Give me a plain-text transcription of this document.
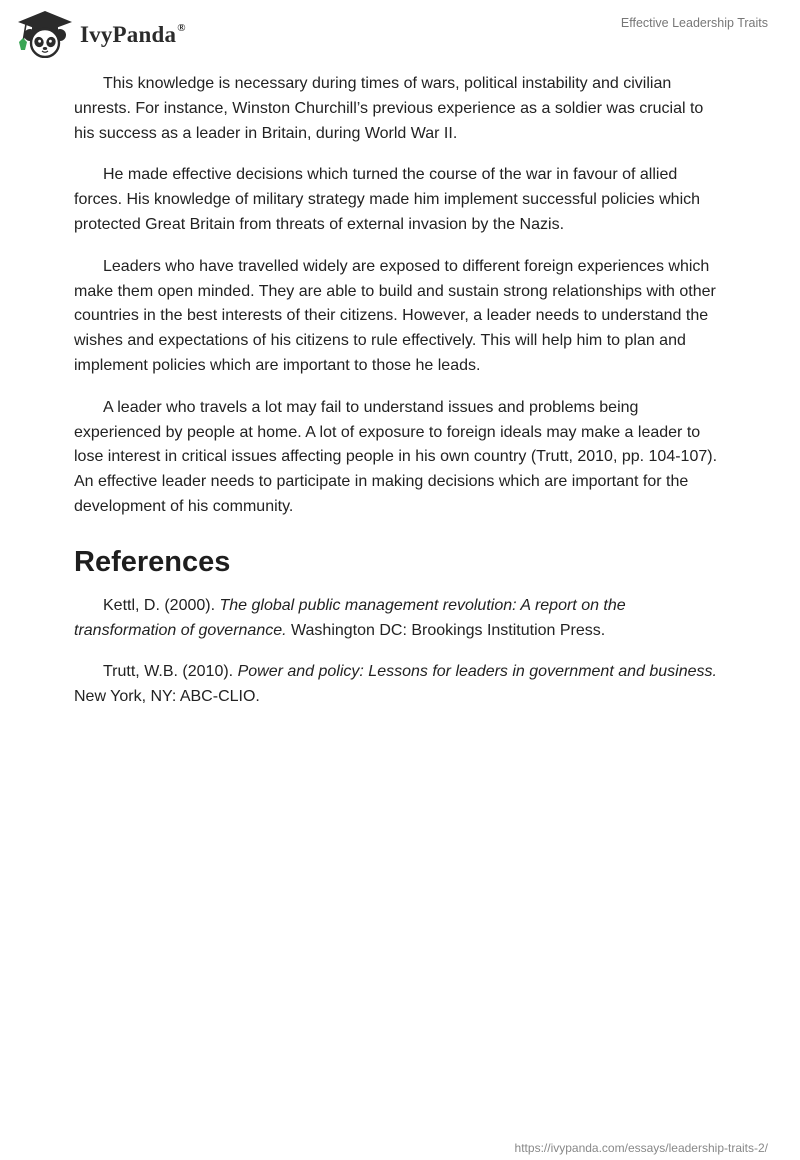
IvyPanda®	Effective Leadership Traits

This knowledge is necessary during times of wars, political instability and civilian unrests. For instance, Winston Churchill’s previous experience as a soldier was crucial to his success as a leader in Britain, during World War II.

He made effective decisions which turned the course of the war in favour of allied forces. His knowledge of military strategy made him implement successful policies which protected Great Britain from threats of external invasion by the Nazis.

Leaders who have travelled widely are exposed to different foreign experiences which make them open minded. They are able to build and sustain strong relationships with other countries in the best interests of their citizens. However, a leader needs to understand the wishes and expectations of his citizens to rule effectively. This will help him to plan and implement policies which are important to those he leads.

A leader who travels a lot may fail to understand issues and problems being experienced by people at home. A lot of exposure to foreign ideals may make a leader to lose interest in critical issues affecting people in his own country (Trutt, 2010, pp. 104-107). An effective leader needs to participate in making decisions which are important for the development of his community.

References

Kettl, D. (2000). The global public management revolution: A report on the transformation of governance. Washington DC: Brookings Institution Press.

Trutt, W.B. (2010). Power and policy: Lessons for leaders in government and business. New York, NY: ABC-CLIO.

https://ivypanda.com/essays/leadership-traits-2/
